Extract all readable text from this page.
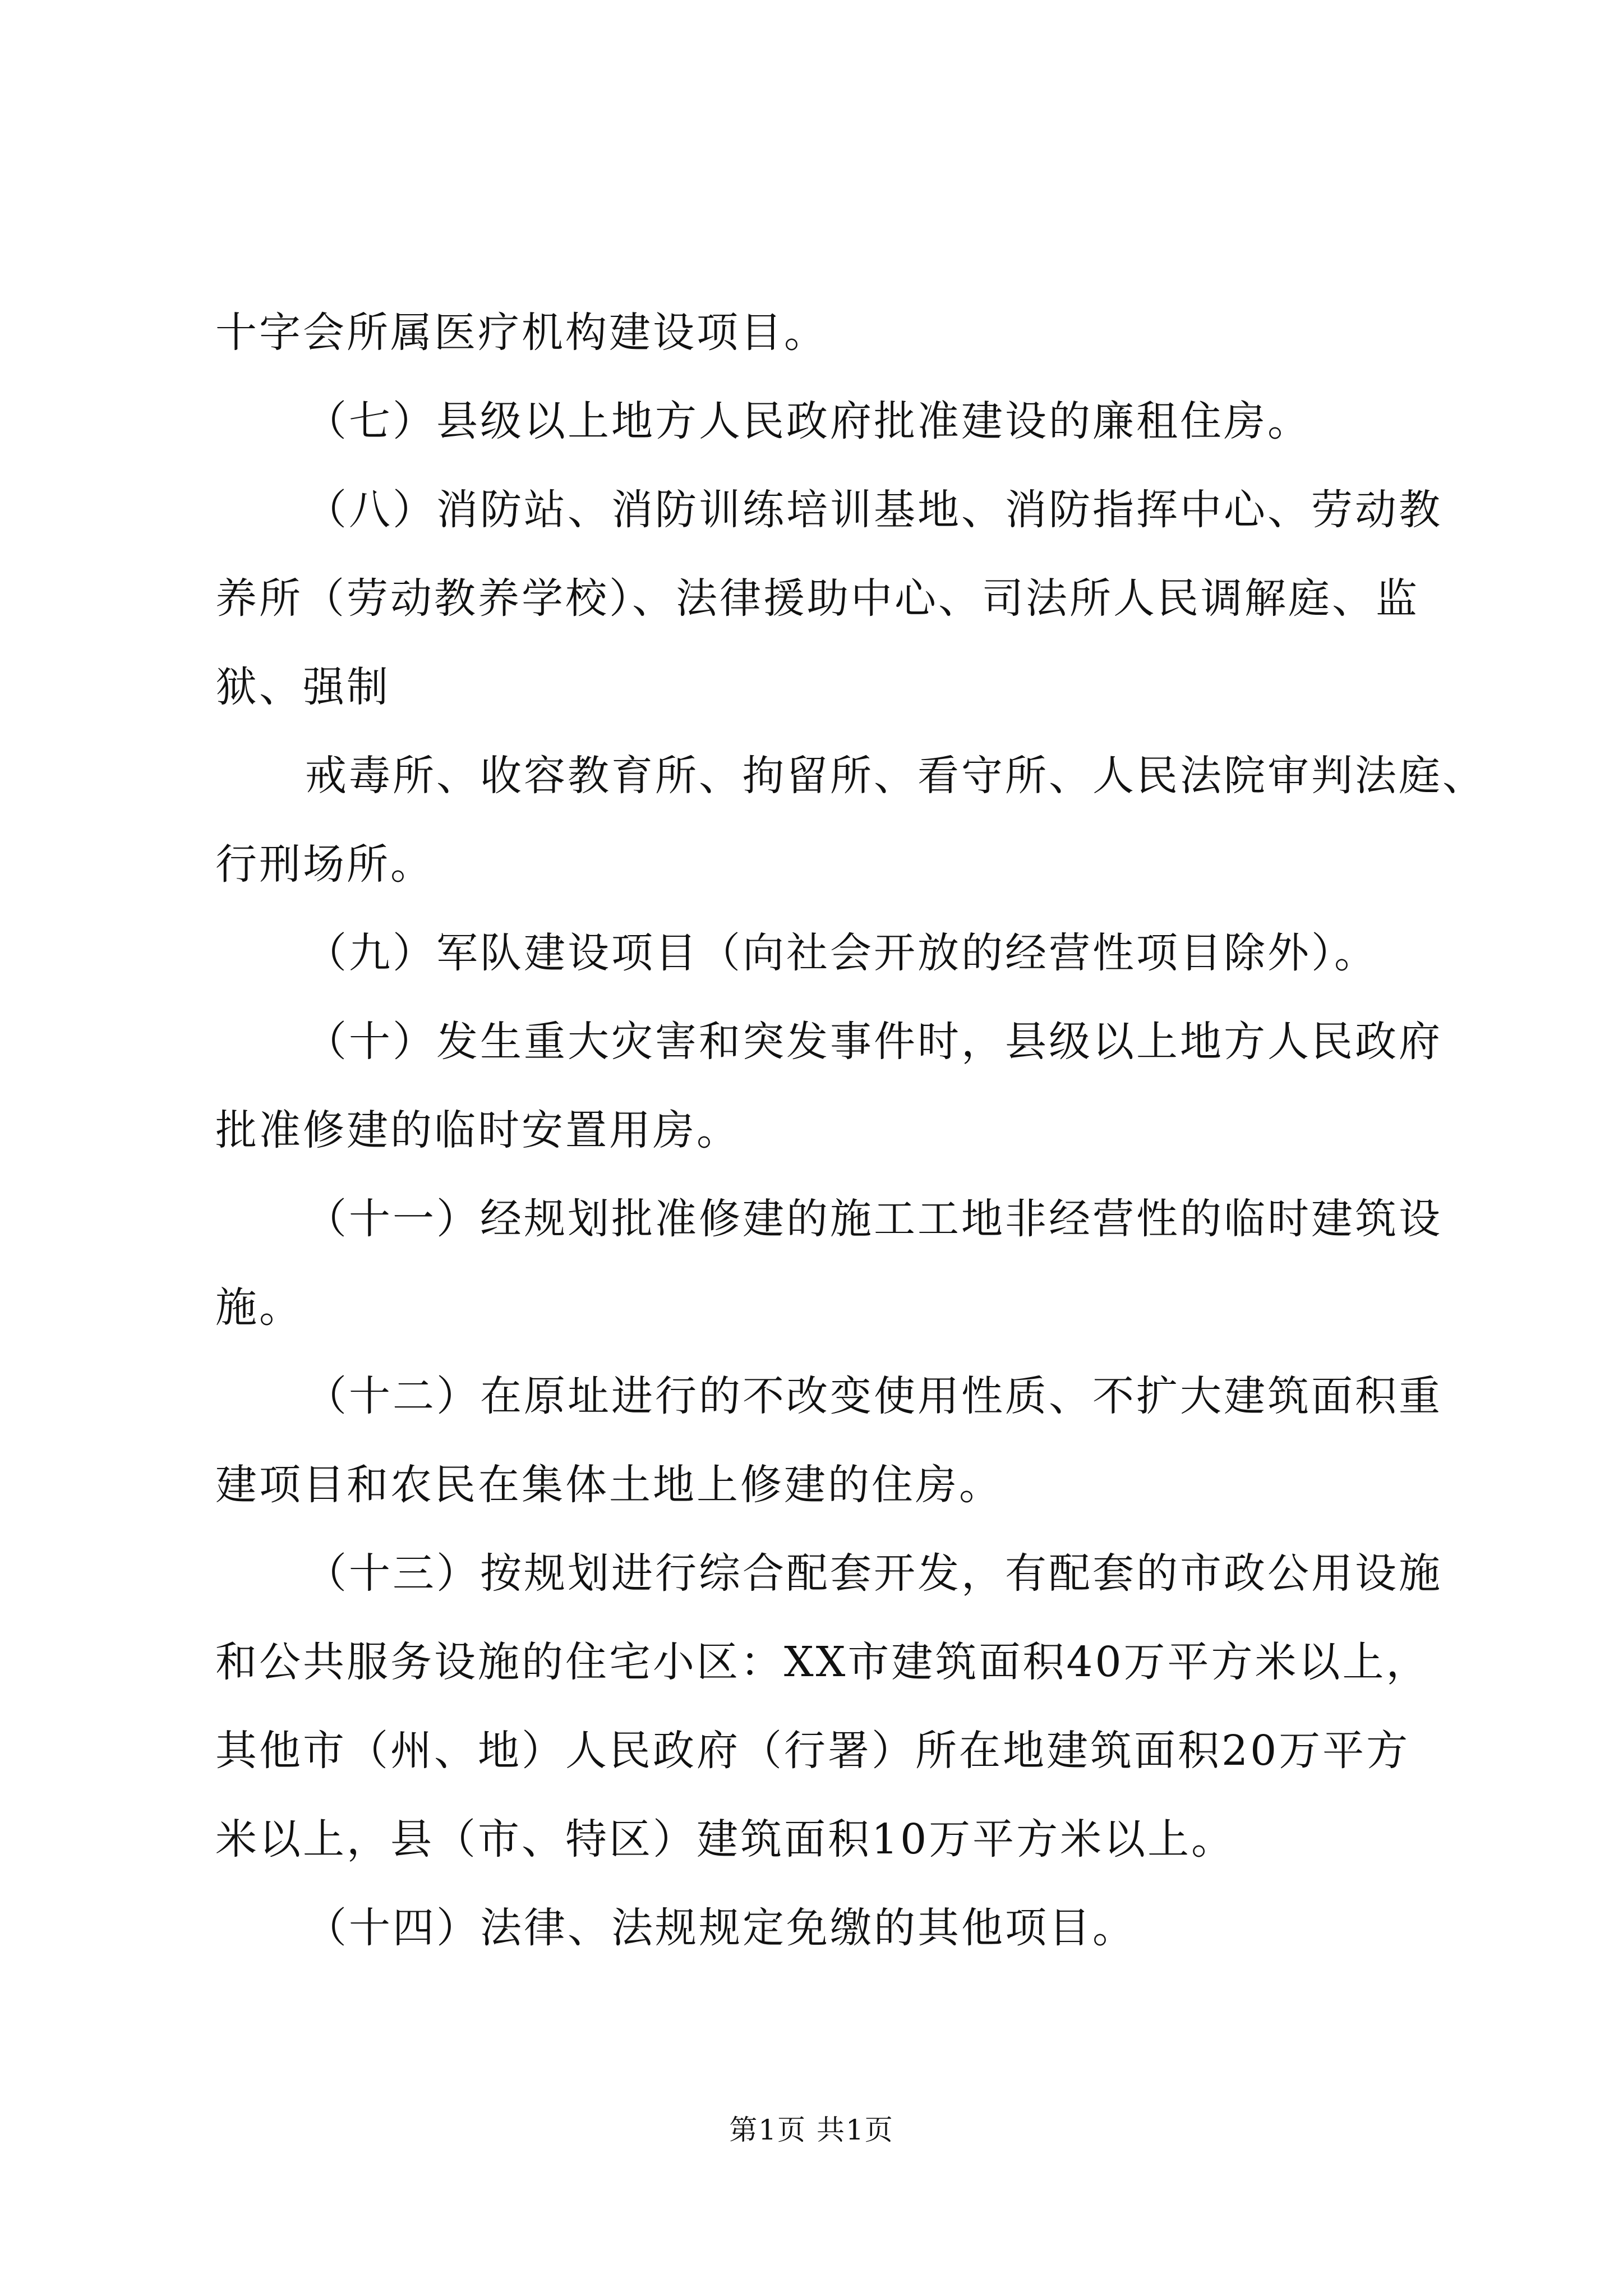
十字会所属医疗机构建设项目。
（七）县级以上地方人民政府批准建设的廉租住房。
（八）消防站、消防训练培训基地、消防指挥中心、劳动教
养所（劳动教养学校）、法律援助中心、司法所人民调解庭、监
狱、强制
戒毒所、收容教育所、拘留所、看守所、人民法院审判法庭、
行刑场所。
（九）军队建设项目（向社会开放的经营性项目除外）。
（十）发生重大灾害和突发事件时，县级以上地方人民政府
批准修建的临时安置用房。
（十一）经规划批准修建的施工工地非经营性的临时建筑设
施。
（十二）在原址进行的不改变使用性质、不扩大建筑面积重
建项目和农民在集体土地上修建的住房。
（十三）按规划进行综合配套开发，有配套的市政公用设施
和公共服务设施的住宅小区：XX市建筑面积40万平方米以上，
其他市（州、地）人民政府（行署）所在地建筑面积20万平方
米以上，县（市、特区）建筑面积10万平方米以上。
（十四）法律、法规规定免缴的其他项目。
第1页 共1页
